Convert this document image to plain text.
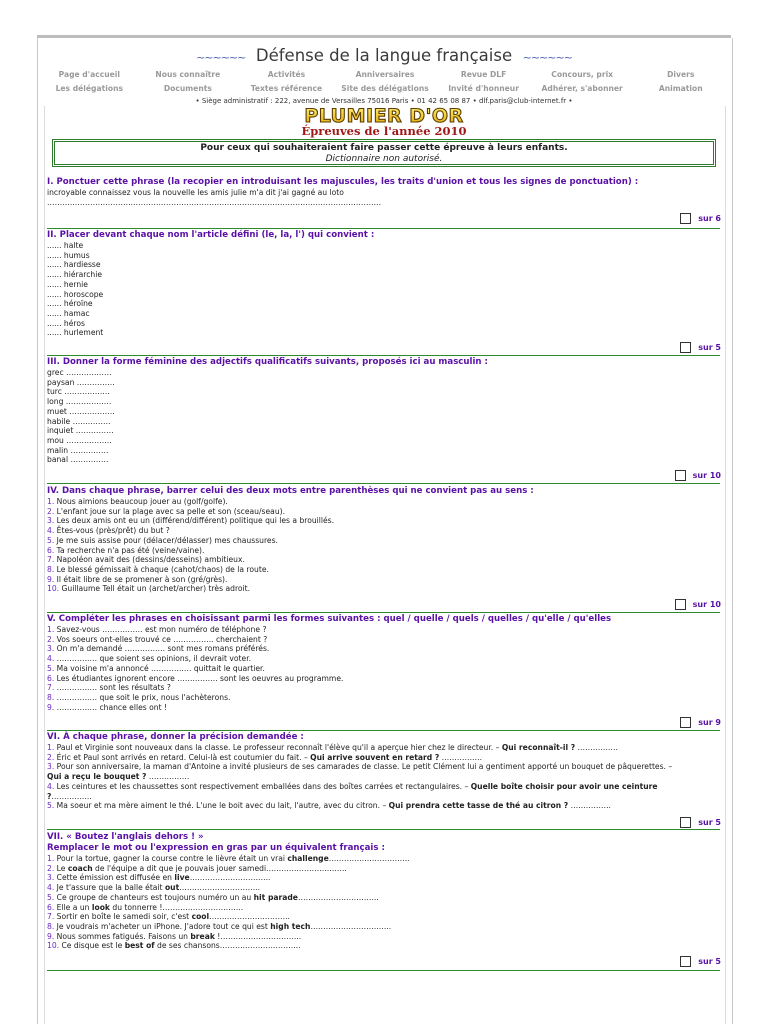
~~~~~~ Défense de la langue française ~~~~~~
Page d'accueil	Nous connaître	Activités	Anniversaires	Revue DLF	Concours, prix	Divers
Les délégations	Documents	Textes référence	Site des délégations	Invité d'honneur	Adhérer, s'abonner	Animation
• Siège administratif : 222, avenue de Versailles 75016 Paris • 01 42 65 08 87 • dlf.paris@club-internet.fr •
PLUMIER D'OR
Épreuves de l'année 2010
Pour ceux qui souhaiteraient faire passer cette épreuve à leurs enfants.
Dictionnaire non autorisé.
I. Ponctuer cette phrase (la recopier en introduisant les majuscules, les traits d'union et tous les signes de ponctuation) :
incroyable connaissez vous la nouvelle les amis julie m'a dit j'ai gagné au loto
……………………………………………………………………………………………………………………
sur 6
II. Placer devant chaque nom l'article défini (le, la, l') qui convient :
...... halte
...... humus
...... hardiesse
...... hiérarchie
...... hernie
...... horoscope
...... héroïne
...... hamac
...... héros
...... hurlement
sur 5
III. Donner la forme féminine des adjectifs qualificatifs suivants, proposés ici au masculin :
grec ………………
paysan ……………
turc ………………
long ………………
muet ………………
habile ……………
inquiet ……………
mou ………………
malin ……………
banal ……………
sur 10
IV. Dans chaque phrase, barrer celui des deux mots entre parenthèses qui ne convient pas au sens :
1. Nous aimions beaucoup jouer au (golf/golfe).
2. L'enfant joue sur la plage avec sa pelle et son (sceau/seau).
3. Les deux amis ont eu un (différend/différent) politique qui les a brouillés.
4. Êtes-vous (près/prêt) du but ?
5. Je me suis assise pour (délacer/délasser) mes chaussures.
6. Ta recherche n'a pas été (veine/vaine).
7. Napoléon avait des (dessins/desseins) ambitieux.
8. Le blessé gémissait à chaque (cahot/chaos) de la route.
9. Il était libre de se promener à son (gré/grès).
10. Guillaume Tell était un (archet/archer) très adroit.
sur 10
V. Compléter les phrases en choisissant parmi les formes suivantes : quel / quelle / quels / quelles / qu'elle / qu'elles
1. Savez-vous ……………. est mon numéro de téléphone ?
2. Vos soeurs ont-elles trouvé ce ……………. cherchaient ?
3. On m'a demandé ……………. sont mes romans préférés.
4. ……………. que soient ses opinions, il devrait voter.
5. Ma voisine m'a annoncé ……………. quittait le quartier.
6. Les étudiantes ignorent encore ……………. sont les oeuvres au programme.
7. ……………. sont les résultats ?
8. ……………. que soit le prix, nous l'achèterons.
9. ……………. chance elles ont !
sur 9
VI. À chaque phrase, donner la précision demandée :
1. Paul et Virginie sont nouveaux dans la classe. Le professeur reconnaît l'élève qu'il a aperçue hier chez le directeur. – Qui reconnaît-il ? …………….
2. Éric et Paul sont arrivés en retard. Celui-là est coutumier du fait. – Qui arrive souvent en retard ? …………….
3. Pour son anniversaire, la maman d'Antoine a invité plusieurs de ses camarades de classe. Le petit Clément lui a gentiment apporté un bouquet de pâquerettes. –
Qui a reçu le bouquet ? …………….
4. Les ceintures et les chaussettes sont respectivement emballées dans des boîtes carrées et rectangulaires. – Quelle boîte choisir pour avoir une ceinture
?…………….
5. Ma soeur et ma mère aiment le thé. L'une le boit avec du lait, l'autre, avec du citron. – Qui prendra cette tasse de thé au citron ? …………….
sur 5
VII. « Boutez l'anglais dehors ! »
Remplacer le mot ou l'expression en gras par un équivalent français :
1. Pour la tortue, gagner la course contre le lièvre était un vrai challenge…………………………..
2. Le coach de l'équipe a dit que je pouvais jouer samedi…………………………..
3. Cette émission est diffusée en live…………………………..
4. Je t'assure que la balle était out…………………………..
5. Ce groupe de chanteurs est toujours numéro un au hit parade…………………………..
6. Elle a un look du tonnerre !…………………………..
7. Sortir en boîte le samedi soir, c'est cool…………………………..
8. Je voudrais m'acheter un iPhone. J'adore tout ce qui est high tech…………………………..
9. Nous sommes fatigués. Faisons un break !…………………………..
10. Ce disque est le best of de ses chansons…………………………..
sur 5
